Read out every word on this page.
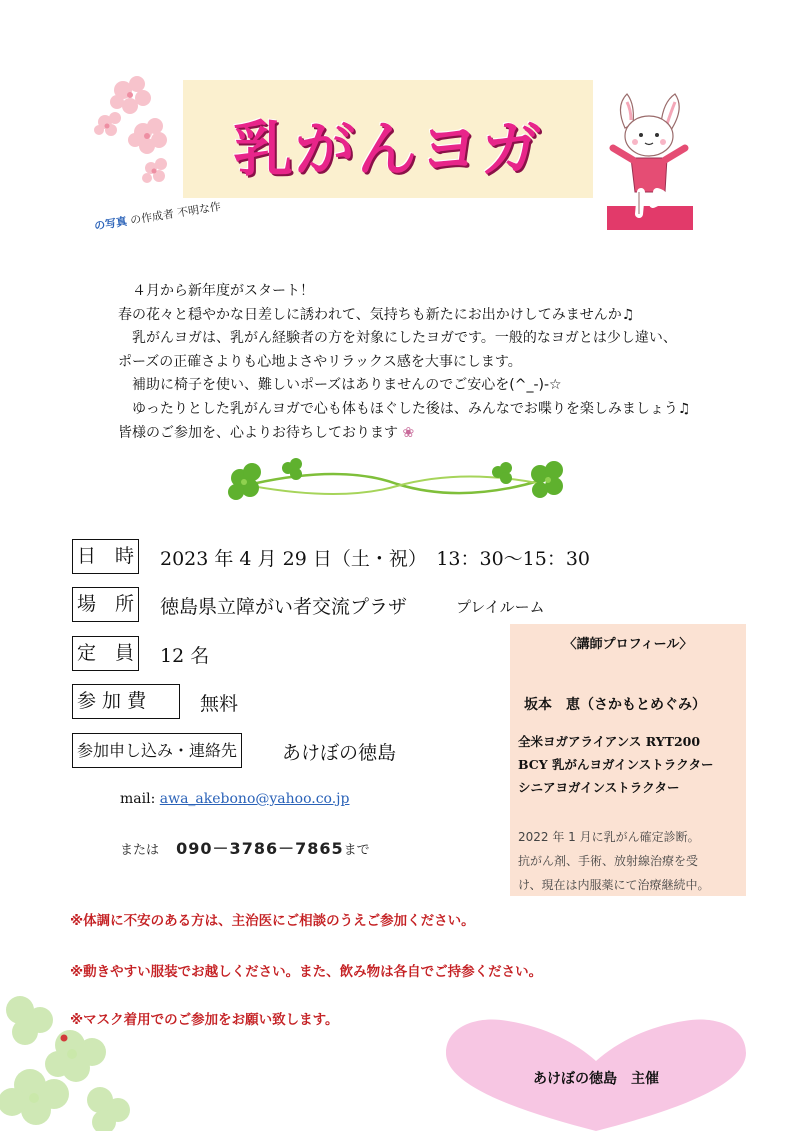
乳がんヨガ
の写真 の作成者 不明な作

４月から新年度がスタート！

春の花々と穏やかな日差しに誘われて、気持ちも新たにお出かけしてみませんか♫

乳がんヨガは、乳がん経験者の方を対象にしたヨガです。一般的なヨガとは少し違い、

ポーズの正確さよりも心地よさやリラックス感を大事にします。

補助に椅子を使い、難しいポーズはありませんのでご安心を(^_-)-☆

ゆったりとした乳がんヨガで心も体もほぐした後は、みんなでお喋りを楽しみましょう♫

皆様のご参加を、心よりお待ちしております ❀

日　時 2023 年 4 月 29 日（土・祝）　13：30～15：30
場　所 徳島県立障がい者交流プラザ	プレイルーム
定　員 12 名
参 加 費	無料
参加申し込み・連絡先 あけぼの徳島
mail: awa_akebono@yahoo.co.jp
または　 090－3786－7865まで
〈講師プロフィール〉
坂本　恵（さかもとめぐみ）
全米ヨガアライアンス RYT200
BCY 乳がんヨガインストラクター
シニアヨガインストラクター
2022 年 1 月に乳がん確定診断。
抗がん剤、手術、放射線治療を受
け、現在は内服薬にて治療継続中。
※体調に不安のある方は、主治医にご相談のうえご参加ください。
※動きやすい服装でお越しください。また、飲み物は各自でご持参ください。
※マスク着用でのご参加をお願い致します。
あけぼの徳島　主催
